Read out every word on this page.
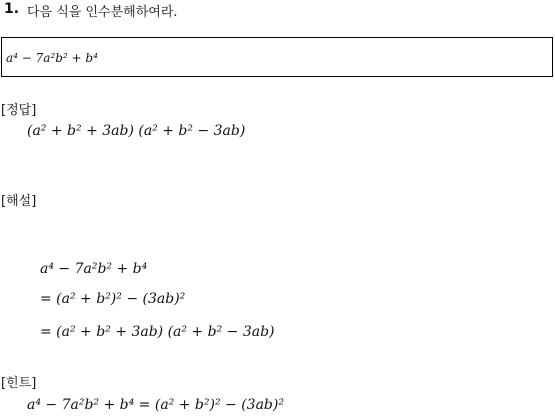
1. 다음 식을 인수분해하여라.
a⁴ − 7a²b² + b⁴
[정답]
(a² + b² + 3ab) (a² + b² − 3ab)
[해설]
a⁴ − 7a²b² + b⁴
= (a² + b²)² − (3ab)²
= (a² + b² + 3ab) (a² + b² − 3ab)
[힌트]
a⁴ − 7a²b² + b⁴ = (a² + b²)² − (3ab)²
